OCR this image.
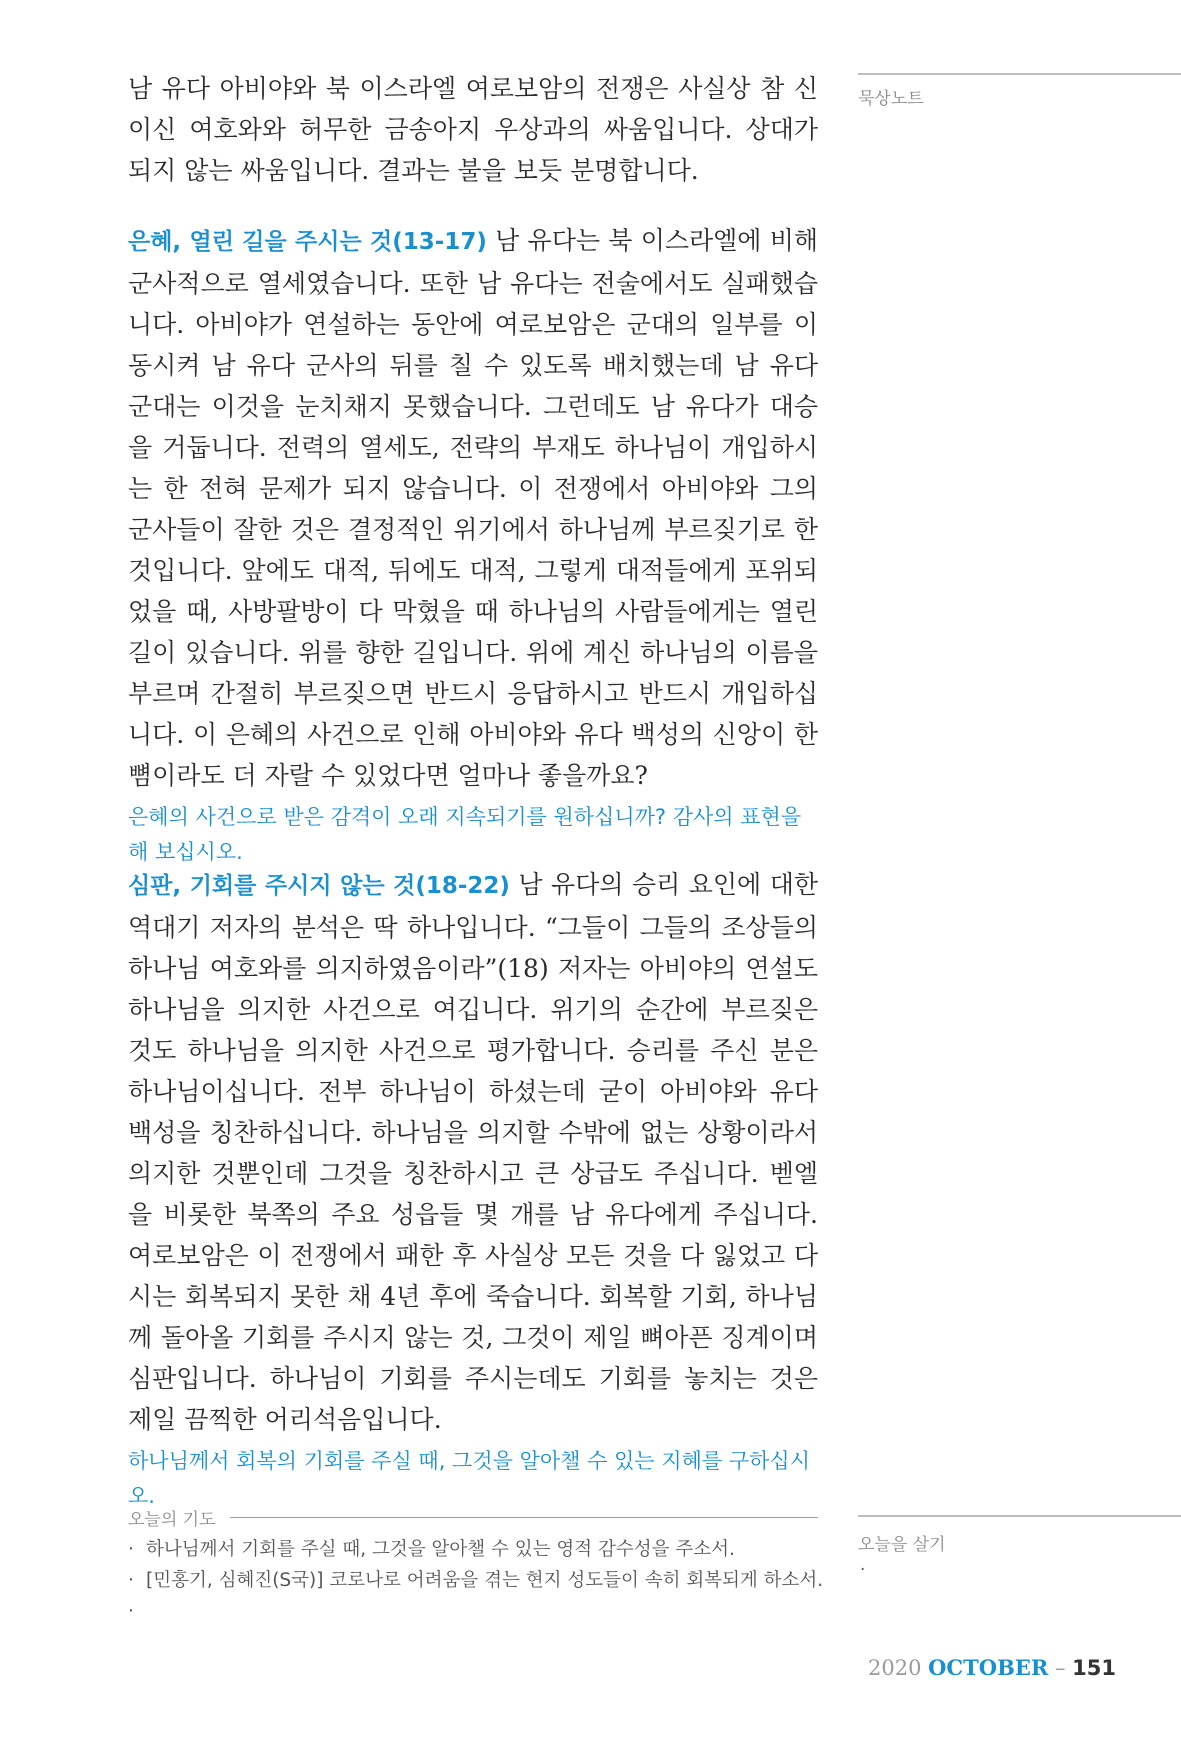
남 유다 아비야와 북 이스라엘 여로보암의 전쟁은 사실상 참 신이신 여호와와 허무한 금송아지 우상과의 싸움입니다. 상대가 되지 않는 싸움입니다. 결과는 불을 보듯 분명합니다.

은혜, 열린 길을 주시는 것(13-17) 남 유다는 북 이스라엘에 비해 군사적으로 열세였습니다. 또한 남 유다는 전술에서도 실패했습니다. 아비야가 연설하는 동안에 여로보암은 군대의 일부를 이동시켜 남 유다 군사의 뒤를 칠 수 있도록 배치했는데 남 유다 군대는 이것을 눈치채지 못했습니다. 그런데도 남 유다가 대승을 거둡니다. 전력의 열세도, 전략의 부재도 하나님이 개입하시는 한 전혀 문제가 되지 않습니다. 이 전쟁에서 아비야와 그의 군사들이 잘한 것은 결정적인 위기에서 하나님께 부르짖기로 한 것입니다. 앞에도 대적, 뒤에도 대적, 그렇게 대적들에게 포위되었을 때, 사방팔방이 다 막혔을 때 하나님의 사람들에게는 열린 길이 있습니다. 위를 향한 길입니다. 위에 계신 하나님의 이름을 부르며 간절히 부르짖으면 반드시 응답하시고 반드시 개입하십니다. 이 은혜의 사건으로 인해 아비야와 유다 백성의 신앙이 한 뼘이라도 더 자랄 수 있었다면 얼마나 좋을까요?

은혜의 사건으로 받은 감격이 오래 지속되기를 원하십니까? 감사의 표현을 해 보십시오.

심판, 기회를 주시지 않는 것(18-22) 남 유다의 승리 요인에 대한 역대기 저자의 분석은 딱 하나입니다. “그들이 그들의 조상들의 하나님 여호와를 의지하였음이라”(18) 저자는 아비야의 연설도 하나님을 의지한 사건으로 여깁니다. 위기의 순간에 부르짖은 것도 하나님을 의지한 사건으로 평가합니다. 승리를 주신 분은 하나님이십니다. 전부 하나님이 하셨는데 굳이 아비야와 유다 백성을 칭찬하십니다. 하나님을 의지할 수밖에 없는 상황이라서 의지한 것뿐인데 그것을 칭찬하시고 큰 상급도 주십니다. 벧엘을 비롯한 북쪽의 주요 성읍들 몇 개를 남 유다에게 주십니다. 여로보암은 이 전쟁에서 패한 후 사실상 모든 것을 다 잃었고 다시는 회복되지 못한 채 4년 후에 죽습니다. 회복할 기회, 하나님께 돌아올 기회를 주시지 않는 것, 그것이 제일 뼈아픈 징계이며 심판입니다. 하나님이 기회를 주시는데도 기회를 놓치는 것은 제일 끔찍한 어리석음입니다.

하나님께서 회복의 기회를 주실 때, 그것을 알아챌 수 있는 지혜를 구하십시오.

묵상노트
오늘을 살기
·
오늘의 기도
· 하나님께서 기회를 주실 때, 그것을 알아챌 수 있는 영적 감수성을 주소서.
· [민홍기, 심혜진(S국)] 코로나로 어려움을 겪는 현지 성도들이 속히 회복되게 하소서.
·
2020 OCTOBER – 151
